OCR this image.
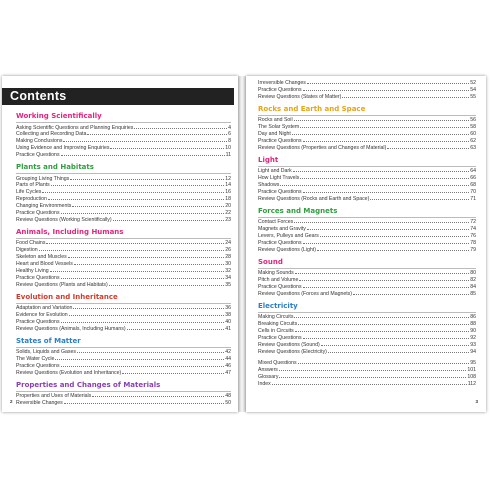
Contents
Working Scientifically
Asking Scientific Questions and Planning Enquiries	4
Collecting and Recording Data	6
Making Conclusions	8
Using Evidence and Improving Enquiries	10
Practice Questions	11
Plants and Habitats
Grouping Living Things	12
Parts of Plants	14
Life Cycles	16
Reproduction	18
Changing Environments	20
Practice Questions	22
Review Questions (Working Scientifically)	23
Animals, Including Humans
Food Chains	24
Digestion	26
Skeleton and Muscles	28
Heart and Blood Vessels	30
Healthy Living	32
Practice Questions	34
Review Questions (Plants and Habitats)	35
Evolution and Inheritance
Adaptation and Variation	36
Evidence for Evolution	38
Practice Questions	40
Review Questions (Animals, Including Humans)	41
States of Matter
Solids, Liquids and Gases	42
The Water Cycle	44
Practice Questions	46
Review Questions (Evolution and Inheritance)	47
Properties and Changes of Materials
Properties and Uses of Materials	48
Reversible Changes	50
2
Irreversible Changes	52
Practice Questions	54
Review Questions (States of Matter)	55
Rocks and Earth and Space
Rocks and Soil	56
The Solar System	58
Day and Night	60
Practice Questions	62
Review Questions (Properties and Changes of Material)	63
Light
Light and Dark	64
How Light Travels	66
Shadows	68
Practice Questions	70
Review Questions (Rocks and Earth and Space)	71
Forces and Magnets
Contact Forces	72
Magnets and Gravity	74
Levers, Pulleys and Gears	76
Practice Questions	78
Review Questions (Light)	79
Sound
Making Sounds	80
Pitch and Volume	82
Practice Questions	84
Review Questions (Forces and Magnets)	85
Electricity
Making Circuits	86
Breaking Circuits	88
Cells in Circuits	90
Practice Questions	92
Review Questions (Sound)	93
Review Questions (Electricity)	94
Mixed Questions	95
Answers	101
Glossary	108
Index	112
3
